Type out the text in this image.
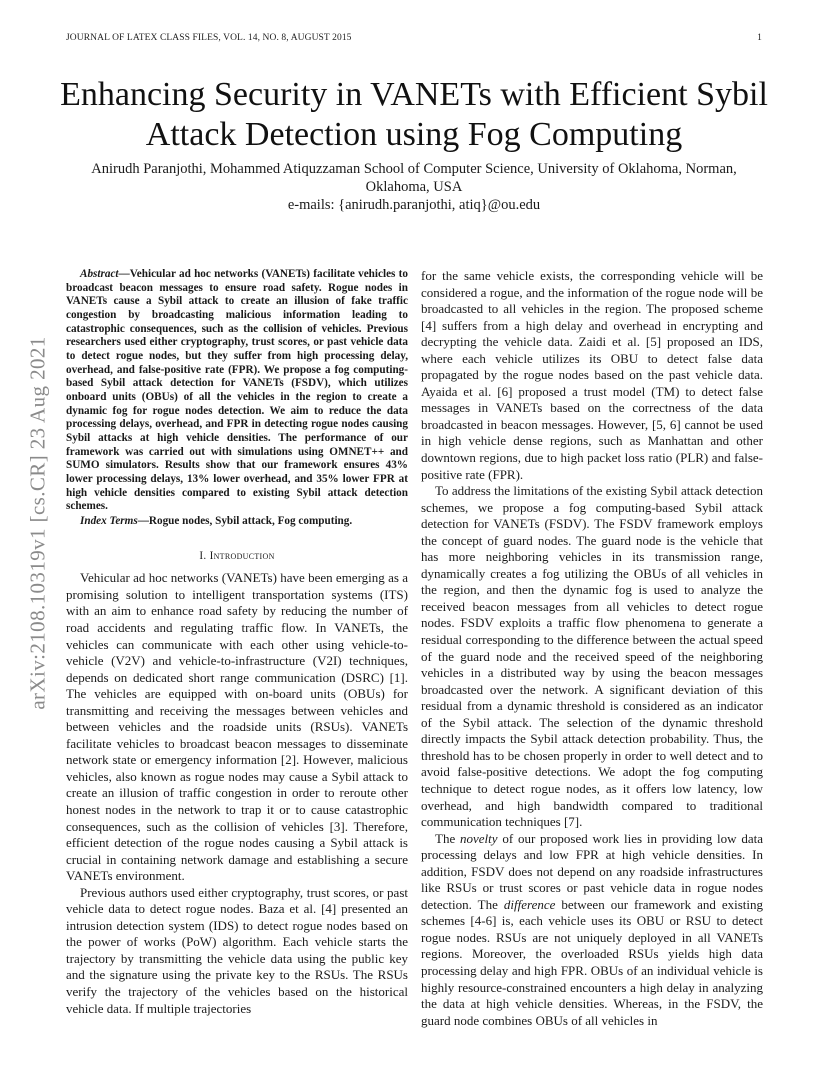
JOURNAL OF LATEX CLASS FILES, VOL. 14, NO. 8, AUGUST 2015	1
Enhancing Security in VANETs with Efficient Sybil
Attack Detection using Fog Computing
Anirudh Paranjothi, Mohammed Atiquzzaman School of Computer Science, University of Oklahoma, Norman,
Oklahoma, USA
e-mails: {anirudh.paranjothi, atiq}@ou.edu
arXiv:2108.10319v1 [cs.CR] 23 Aug 2021

Abstract—Vehicular ad hoc networks (VANETs) facilitate vehicles to broadcast beacon messages to ensure road safety. Rogue nodes in VANETs cause a Sybil attack to create an illusion of fake traffic congestion by broadcasting malicious information leading to catastrophic consequences, such as the collision of vehicles. Previous researchers used either cryptography, trust scores, or past vehicle data to detect rogue nodes, but they suffer from high processing delay, overhead, and false-positive rate (FPR). We propose a fog computing-based Sybil attack detection for VANETs (FSDV), which utilizes onboard units (OBUs) of all the vehicles in the region to create a dynamic fog for rogue nodes detection. We aim to reduce the data processing delays, overhead, and FPR in detecting rogue nodes causing Sybil attacks at high vehicle densities. The performance of our framework was carried out with simulations using OMNET++ and SUMO simulators. Results show that our framework ensures 43% lower processing delays, 13% lower overhead, and 35% lower FPR at high vehicle densities compared to existing Sybil attack detection schemes.

Index Terms—Rogue nodes, Sybil attack, Fog computing.

I. Introduction

Vehicular ad hoc networks (VANETs) have been emerging as a promising solution to intelligent transportation systems (ITS) with an aim to enhance road safety by reducing the number of road accidents and regulating traffic flow. In VANETs, the vehicles can communicate with each other using vehicle-to-vehicle (V2V) and vehicle-to-infrastructure (V2I) techniques, depends on dedicated short range communication (DSRC) [1]. The vehicles are equipped with on-board units (OBUs) for transmitting and receiving the messages between vehicles and between vehicles and the roadside units (RSUs). VANETs facilitate vehicles to broadcast beacon messages to disseminate network state or emergency information [2]. However, malicious vehicles, also known as rogue nodes may cause a Sybil attack to create an illusion of traffic congestion in order to reroute other honest nodes in the network to trap it or to cause catastrophic consequences, such as the collision of vehicles [3]. Therefore, efficient detection of the rogue nodes causing a Sybil attack is crucial in containing network damage and establishing a secure VANETs environment.

Previous authors used either cryptography, trust scores, or past vehicle data to detect rogue nodes. Baza et al. [4] presented an intrusion detection system (IDS) to detect rogue nodes based on the power of works (PoW) algorithm. Each vehicle starts the trajectory by transmitting the vehicle data using the public key and the signature using the private key to the RSUs. The RSUs verify the trajectory of the vehicles based on the historical vehicle data. If multiple trajectories

for the same vehicle exists, the corresponding vehicle will be considered a rogue, and the information of the rogue node will be broadcasted to all vehicles in the region. The proposed scheme [4] suffers from a high delay and overhead in encrypting and decrypting the vehicle data. Zaidi et al. [5] proposed an IDS, where each vehicle utilizes its OBU to detect false data propagated by the rogue nodes based on the past vehicle data. Ayaida et al. [6] proposed a trust model (TM) to detect false messages in VANETs based on the correctness of the data broadcasted in beacon messages. However, [5, 6] cannot be used in high vehicle dense regions, such as Manhattan and other downtown regions, due to high packet loss ratio (PLR) and false-positive rate (FPR).

To address the limitations of the existing Sybil attack detection schemes, we propose a fog computing-based Sybil attack detection for VANETs (FSDV). The FSDV framework employs the concept of guard nodes. The guard node is the vehicle that has more neighboring vehicles in its transmission range, dynamically creates a fog utilizing the OBUs of all vehicles in the region, and then the dynamic fog is used to analyze the received beacon messages from all vehicles to detect rogue nodes. FSDV exploits a traffic flow phenomena to generate a residual corresponding to the difference between the actual speed of the guard node and the received speed of the neighboring vehicles in a distributed way by using the beacon messages broadcasted over the network. A significant deviation of this residual from a dynamic threshold is considered as an indicator of the Sybil attack. The selection of the dynamic threshold directly impacts the Sybil attack detection probability. Thus, the threshold has to be chosen properly in order to well detect and to avoid false-positive detections. We adopt the fog computing technique to detect rogue nodes, as it offers low latency, low overhead, and high bandwidth compared to traditional communication techniques [7].

The novelty of our proposed work lies in providing low data processing delays and low FPR at high vehicle densities. In addition, FSDV does not depend on any roadside infrastructures like RSUs or trust scores or past vehicle data in rogue nodes detection. The difference between our framework and existing schemes [4-6] is, each vehicle uses its OBU or RSU to detect rogue nodes. RSUs are not uniquely deployed in all VANETs regions. Moreover, the overloaded RSUs yields high data processing delay and high FPR. OBUs of an individual vehicle is highly resource-constrained encounters a high delay in analyzing the data at high vehicle densities. Whereas, in the FSDV, the guard node combines OBUs of all vehicles in
